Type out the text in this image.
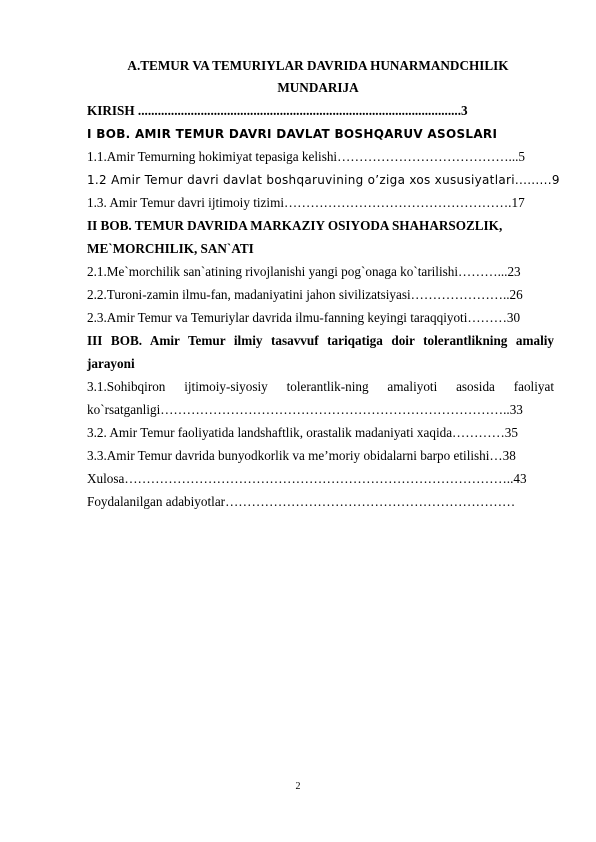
A.TEMUR VA TEMURIYLAR DAVRIDA HUNARMANDCHILIK
MUNDARIJA
KIRISH ..................................................................................................3
I BOB. AMIR TEMUR DAVRI DAVLAT BOSHQARUV ASOSLARI
1.1.Amir Temurning hokimiyat tepasiga kelishi…………………………………...5
1.2 Amir Temur davri davlat boshqaruvining o’ziga xos xususiyatlari.........9
1.3. Amir Temur davri ijtimoiy tizimi…………………………………………….17
II BOB. TEMUR DAVRIDA MARKAZIY OSIYODA SHAHARSOZLIK,
ME`MORCHILIK, SAN`ATI
2.1.Me`morchilik san`atining rivojlanishi yangi pog`onaga ko`tarilishi………...23
2.2.Turoni-zamin ilmu-fan, madaniyatini jahon sivilizatsiyasi…………………..26
2.3.Amir Temur va Temuriylar davrida ilmu-fanning keyingi taraqqiyoti………30
III BOB. Amir Temur ilmiy tasavvuf tariqatiga doir tolerantlikning amaliy
jarayoni
3.1.Sohibqiron ijtimoiy-siyosiy tolerantlik-ning amaliyoti asosida faoliyat
ko`rsatganligi……………………………………………………………………..33
3.2. Amir Temur faoliyatida landshaftlik, orastalik madaniyati xaqida…………35
3.3.Amir Temur davrida bunyodkorlik va me’moriy obidalarni barpo etilishi…38
Xulosa……………………………………………………………………………..43
Foydalanilgan adabiyotlar…………………………………………………………
2
